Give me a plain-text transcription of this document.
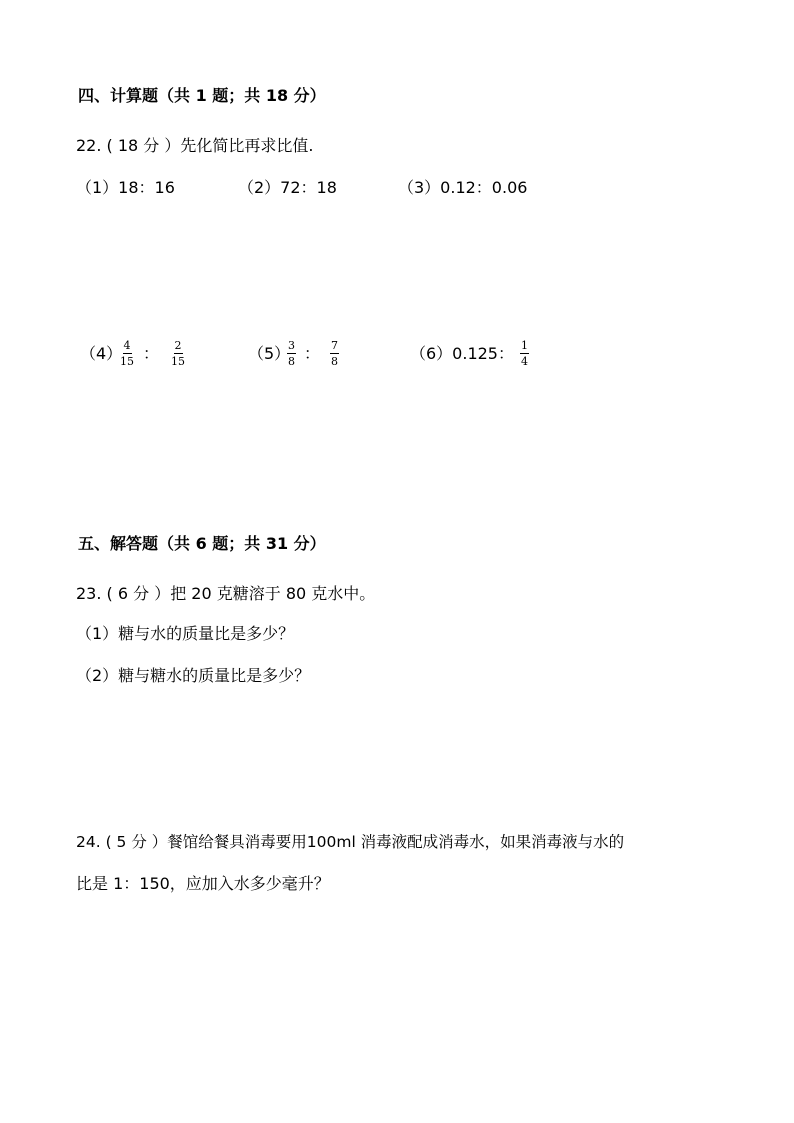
四、计算题（共 1 题；共 18 分）
22. ( 18 分 ）先化简比再求比值.
（1）18：16	（2）72：18	（3）0.12：0.06
（4）
$\frac{4}{15}$ ： $\frac{2}{15}$	（5）
$\frac{3}{8}$ ： $\frac{7}{8}$	（6）0.125： $\frac{1}{4}$
五、解答题（共 6 题；共 31 分）
23. ( 6 分 ）把 20 克糖溶于 80 克水中。
（1）糖与水的质量比是多少？
（2）糖与糖水的质量比是多少？
24. ( 5 分 ）餐馆给餐具消毒要用100ml 消毒液配成消毒水，如果消毒液与水的
比是 1：150，应加入水多少毫升？
